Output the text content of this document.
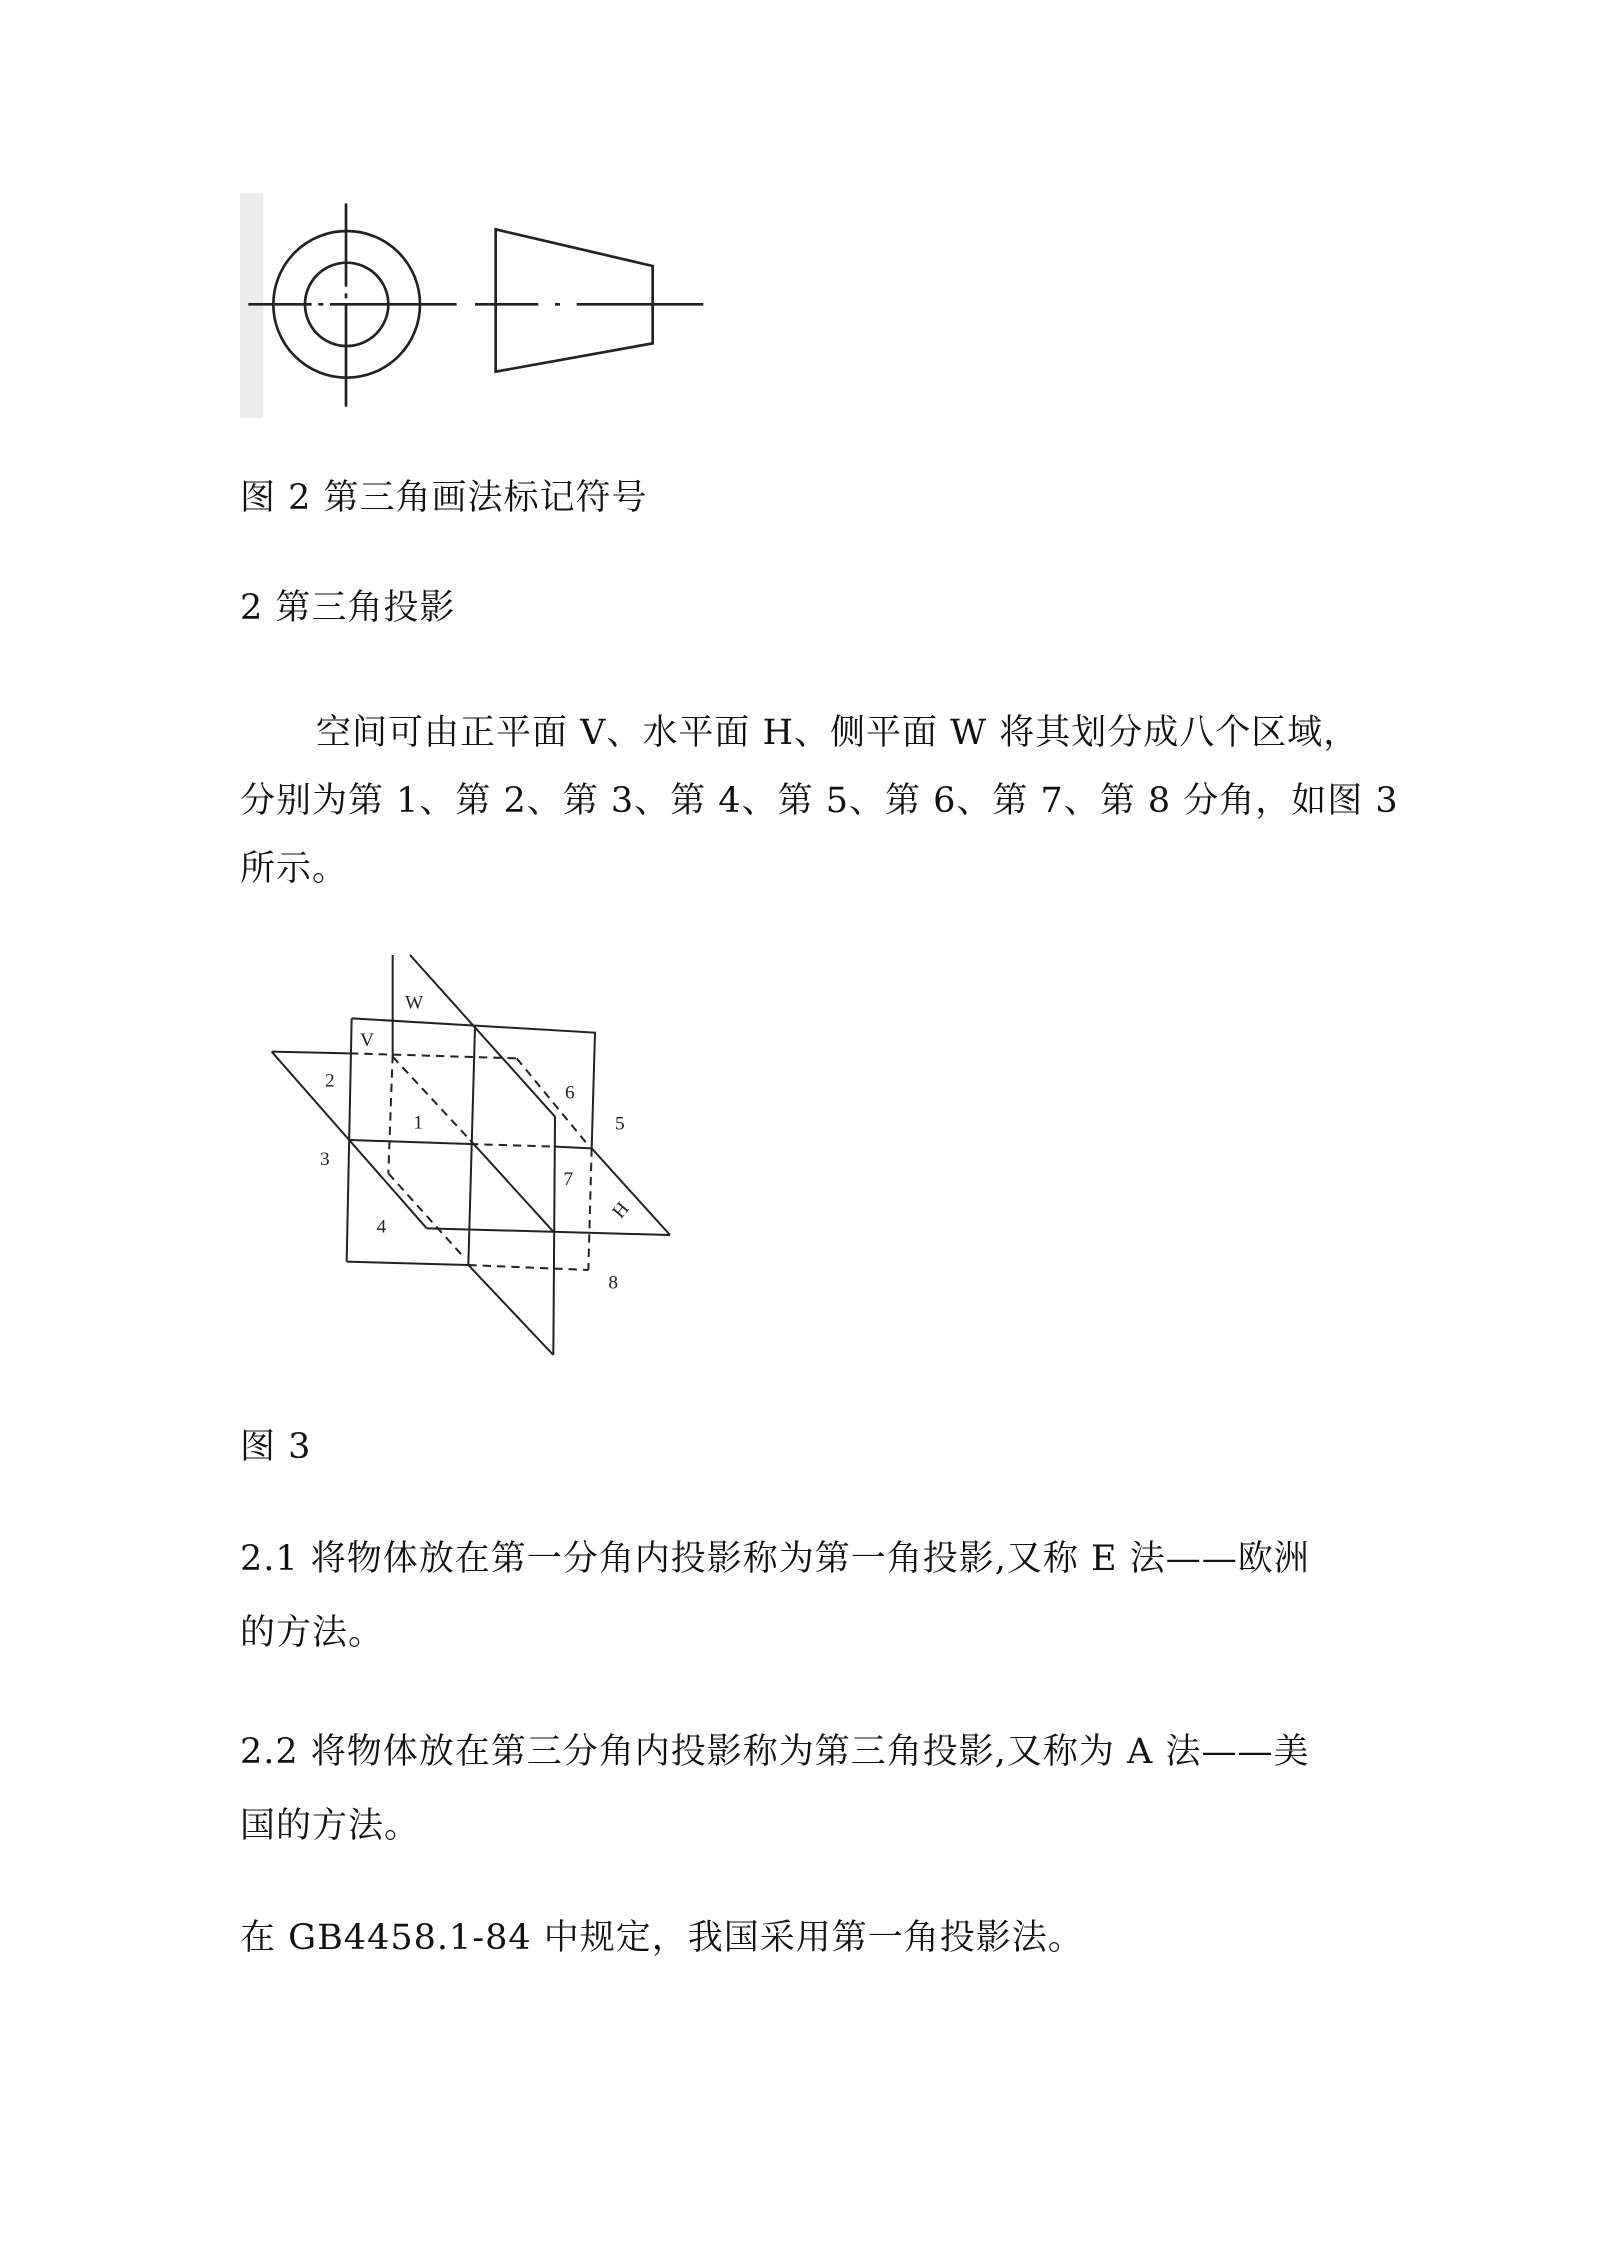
图 2 第三角画法标记符号
2 第三角投影
空间可由正平面 V、水平面 H、侧平面 W 将其划分成八个区域，
分别为第 1、第 2、第 3、第 4、第 5、第 6、第 7、第 8 分角，如图 3
所示。
W
V
2
1
6
5
3
7
H
4
8
图 3
2.1 将物体放在第一分角内投影称为第一角投影,又称 E 法——欧洲
的方法。
2.2 将物体放在第三分角内投影称为第三角投影,又称为 A 法——美
国的方法。
在 GB4458.1-84 中规定，我国采用第一角投影法。
